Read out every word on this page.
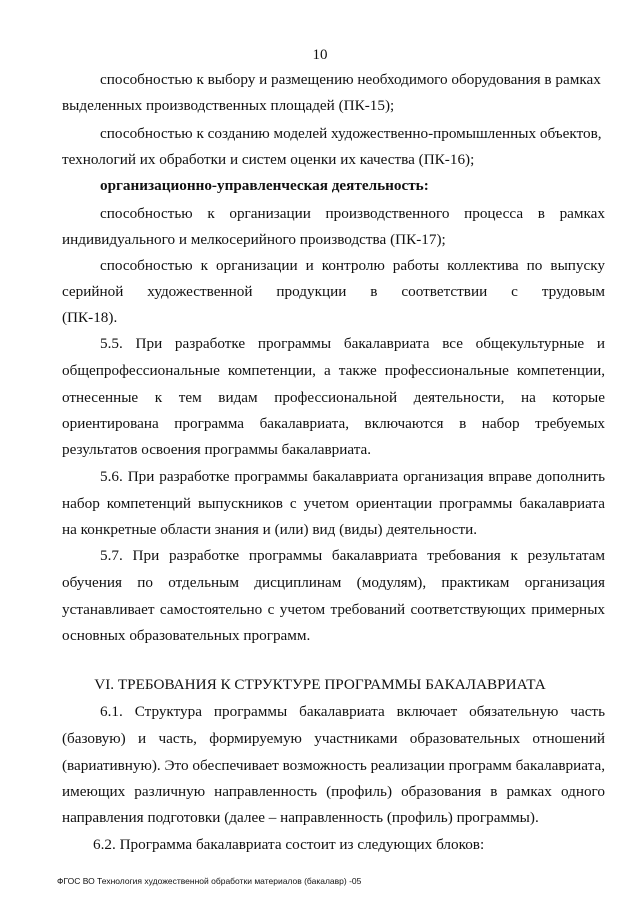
10
способностью к выбору и размещению необходимого оборудования в рамках
выделенных производственных площадей (ПК-15);
способностью к созданию моделей художественно-промышленных объектов,
технологий их обработки и систем оценки их качества (ПК-16);
организационно-управленческая деятельность:
способностью к организации производственного процесса в рамках
индивидуального и мелкосерийного производства (ПК-17);
способностью к организации и контролю работы коллектива по выпуску
серийной художественной продукции в соответствии с трудовым
(ПК-18).
5.5. При разработке программы бакалавриата все общекультурные и
общепрофессиональные компетенции, а также профессиональные компетенции,
отнесенные к тем видам профессиональной деятельности, на которые
ориентирована программа бакалавриата, включаются в набор требуемых
результатов освоения программы бакалавриата.
5.6. При разработке программы бакалавриата организация вправе дополнить
набор компетенций выпускников с учетом ориентации программы бакалавриата
на конкретные области знания и (или) вид (виды) деятельности.
5.7. При разработке программы бакалавриата требования к результатам
обучения по отдельным дисциплинам (модулям), практикам организация
устанавливает самостоятельно с учетом требований соответствующих примерных
основных образовательных программ.
VI. ТРЕБОВАНИЯ К СТРУКТУРЕ ПРОГРАММЫ БАКАЛАВРИАТА
6.1. Структура программы бакалавриата включает обязательную часть
(базовую) и часть, формируемую участниками образовательных отношений
(вариативную). Это обеспечивает возможность реализации программ бакалавриата,
имеющих различную направленность (профиль) образования в рамках одного
направления подготовки (далее – направленность (профиль) программы).
6.2. Программа бакалавриата состоит из следующих блоков:
ФГОС ВО Технология художественной обработки материалов (бакалавр) -05
